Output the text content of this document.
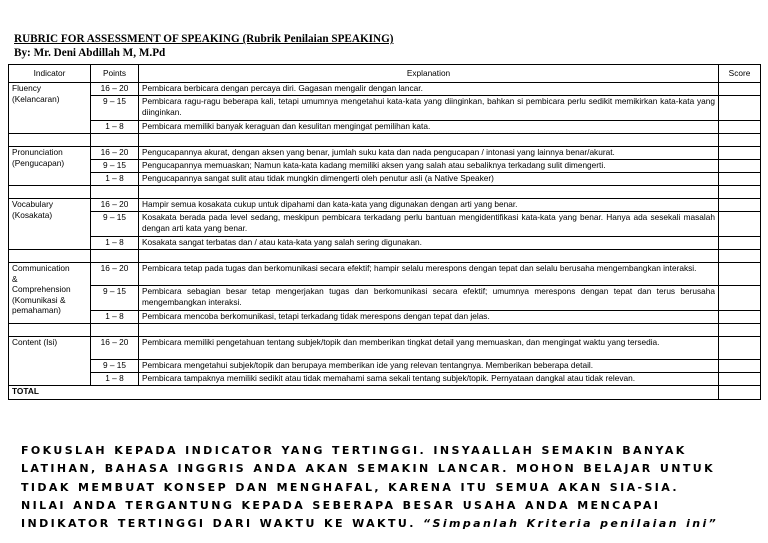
RUBRIC FOR ASSESSMENT OF SPEAKING (Rubrik Penilaian SPEAKING)
By: Mr. Deni Abdillah M, M.Pd
Indicator	Points	Explanation	Score

Fluency
(Kelancaran)	16 – 20	Pembicara berbicara dengan percaya diri. Gagasan mengalir dengan lancar.	
	9 – 15	Pembicara ragu-ragu beberapa kali, tetapi umumnya mengetahui kata-kata yang diinginkan, bahkan si pembicara perlu sedikit memikirkan kata-kata yang diinginkan.	
	1 – 8	Pembicara memiliki banyak keraguan dan kesulitan mengingat pemilihan kata.	

Pronunciation
(Pengucapan)	16 – 20	Pengucapannya akurat, dengan aksen yang benar, jumlah suku kata dan nada pengucapan / intonasi yang lainnya benar/akurat.	
	9 – 15	Pengucapannya memuaskan; Namun kata-kata kadang memiliki aksen yang salah atau sebaliknya terkadang sulit dimengerti.	
	1 – 8	Pengucapannya sangat sulit atau tidak mungkin dimengerti oleh penutur asli (a Native Speaker)	

Vocabulary
(Kosakata)	16 – 20	Hampir semua kosakata cukup untuk dipahami dan kata-kata yang digunakan dengan arti yang benar.	
	9 – 15	Kosakata berada pada level sedang, meskipun pembicara terkadang perlu bantuan mengidentifikasi kata-kata yang benar. Hanya ada sesekali masalah dengan arti kata yang benar.	
	1 – 8	Kosakata sangat terbatas dan / atau kata-kata yang salah sering digunakan.	

Communication
&
Comprehension
(Komunikasi &
pemahaman)	16 – 20	Pembicara tetap pada tugas dan berkomunikasi secara efektif; hampir selalu merespons dengan tepat dan selalu berusaha mengembangkan interaksi.	
	9 – 15	Pembicara sebagian besar tetap mengerjakan tugas dan berkomunikasi secara efektif; umumnya merespons dengan tepat dan terus berusaha mengembangkan interaksi.	
	1 – 8	Pembicara mencoba berkomunikasi, tetapi terkadang tidak merespons dengan tepat dan jelas.	

Content (Isi)	16 – 20	Pembicara memiliki pengetahuan tentang subjek/topik dan memberikan tingkat detail yang memuaskan, dan mengingat waktu yang tersedia.	
	9 – 15	Pembicara mengetahui subjek/topik dan berupaya memberikan ide yang relevan tentangnya. Memberikan beberapa detail.	
	1 – 8	Pembicara tampaknya memiliki sedikit atau tidak memahami sama sekali tentang subjek/topik. Pernyataan dangkal atau tidak relevan.	
TOTAL			
FOKUSLAH KEPADA INDICATOR YANG TERTINGGI. INSYAALLAH SEMAKIN BANYAK LATIHAN, BAHASA INGGRIS ANDA AKAN SEMAKIN LANCAR. MOHON BELAJAR UNTUK TIDAK MEMBUAT KONSEP DAN MENGHAFAL, KARENA ITU SEMUA AKAN SIA-SIA. NILAI ANDA TERGANTUNG KEPADA SEBERAPA BESAR USAHA ANDA MENCAPAI INDIKATOR TERTINGGI DARI WAKTU KE WAKTU. “Simpanlah Kriteria penilaian ini”
